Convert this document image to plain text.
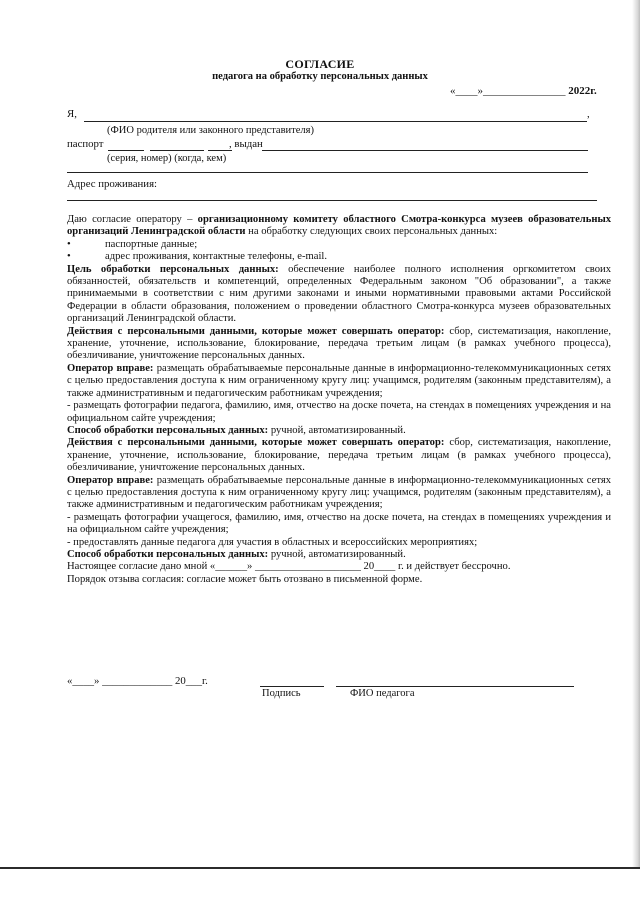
СОГЛАСИЕ
педагога на обработку персональных данных
«____»_______________ 2022г.
Я,	,
(ФИО родителя или законного представителя)
паспорт	, выдан
(серия, номер) (когда, кем)
Адрес проживания:

Даю согласие оператору – организационному комитету областного Смотра-конкурса музеев образовательных организаций Ленинградской области на обработку следующих своих персональных данных:

•	паспортные данные;
•	адрес проживания, контактные телефоны, e-mail.

Цель обработки персональных данных: обеспечение наиболее полного исполнения оргкомитетом своих обязанностей, обязательств и компетенций, определенных Федеральным законом "Об образовании", а также принимаемыми в соответствии с ним другими законами и иными нормативными правовыми актами Российской Федерации в области образования, положением о проведении областного Смотра-конкурса музеев образовательных организаций Ленинградской области.

Действия с персональными данными, которые может совершать оператор: сбор, систематизация, накопление, хранение, уточнение, использование, блокирование, передача третьим лицам (в рамках учебного процесса), обезличивание, уничтожение персональных данных.

Оператор вправе: размещать обрабатываемые персональные данные в информационно-телекоммуникационных сетях с целью предоставления доступа к ним ограниченному кругу лиц: учащимся, родителям (законным представителям), а также административным и педагогическим работникам учреждения;

- размещать фотографии педагога, фамилию, имя, отчество на доске почета, на стендах в помещениях учреждения и на официальном сайте учреждения;

Способ обработки персональных данных: ручной, автоматизированный.

Действия с персональными данными, которые может совершать оператор: сбор, систематизация, накопление, хранение, уточнение, использование, блокирование, передача третьим лицам (в рамках учебного процесса), обезличивание, уничтожение персональных данных.

Оператор вправе: размещать обрабатываемые персональные данные в информационно-телекоммуникационных сетях с целью предоставления доступа к ним ограниченному кругу лиц: учащимся, родителям (законным представителям), а также административным и педагогическим работникам учреждения;

- размещать фотографии учащегося, фамилию, имя, отчество на доске почета, на стендах в помещениях учреждения и на официальном сайте учреждения;

- предоставлять данные педагога для участия в областных и всероссийских мероприятиях;

Способ обработки персональных данных: ручной, автоматизированный.

Настоящее согласие дано мной «______» ____________________ 20____ г. и действует бессрочно.

Порядок отзыва согласия: согласие может быть отозвано в письменной форме.

«____» _____________ 20___г.
Подпись	ФИО педагога
